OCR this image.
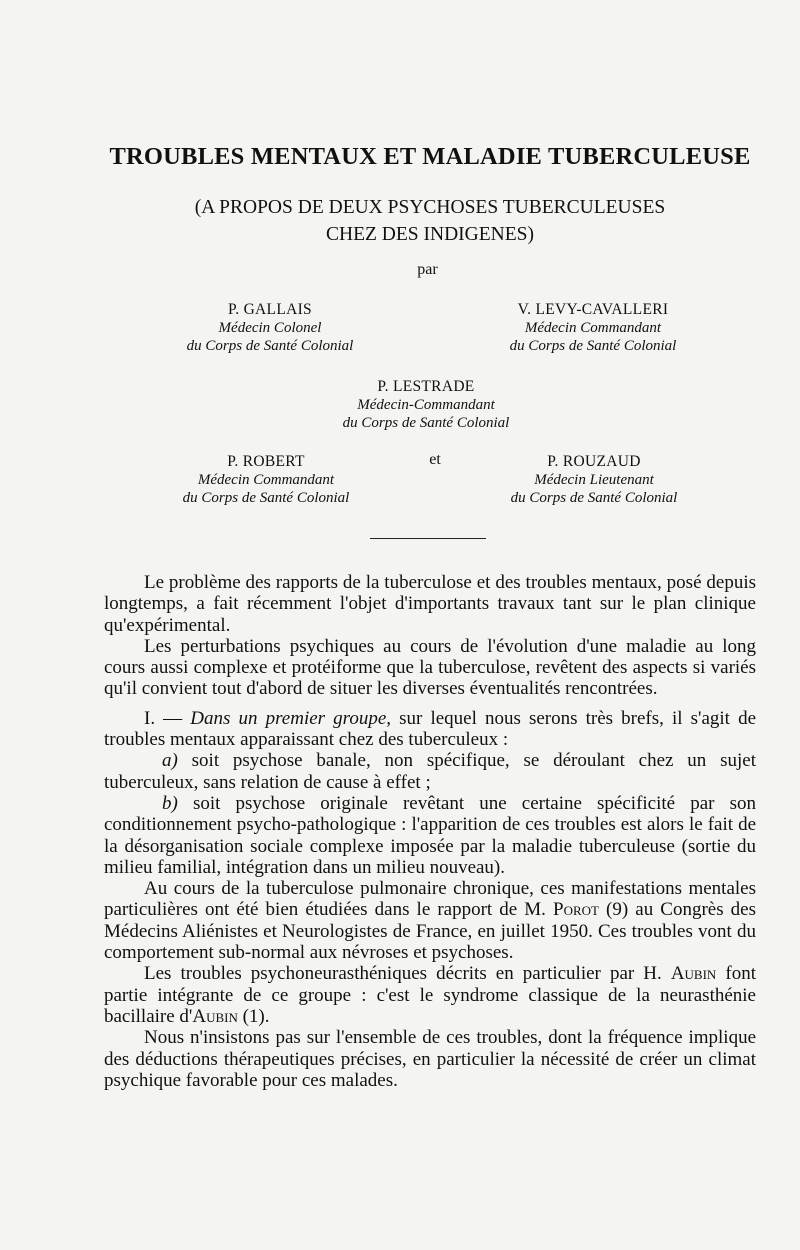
TROUBLES MENTAUX ET MALADIE TUBERCULEUSE
(A PROPOS DE DEUX PSYCHOSES TUBERCULEUSES
CHEZ DES INDIGENES)
par
P. GALLAIS
Médecin Colonel
du Corps de Santé Colonial
V. LEVY-CAVALLERI
Médecin Commandant
du Corps de Santé Colonial
P. LESTRADE
Médecin-Commandant
du Corps de Santé Colonial
P. ROBERT
Médecin Commandant
du Corps de Santé Colonial
et	P. ROUZAUD
Médecin Lieutenant
du Corps de Santé Colonial

Le problème des rapports de la tuberculose et des troubles mentaux, posé depuis longtemps, a fait récemment l'objet d'importants travaux tant sur le plan clinique qu'expérimental.

Les perturbations psychiques au cours de l'évolution d'une maladie au long cours aussi complexe et protéiforme que la tuberculose, revêtent des aspects si variés qu'il convient tout d'abord de situer les diverses éventualités rencontrées.

I. — Dans un premier groupe, sur lequel nous serons très brefs, il s'agit de troubles mentaux apparaissant chez des tuberculeux :

a) soit psychose banale, non spécifique, se déroulant chez un sujet tuberculeux, sans relation de cause à effet ;

b) soit psychose originale revêtant une certaine spécificité par son conditionnement psycho-pathologique : l'apparition de ces troubles est alors le fait de la désorganisation sociale complexe imposée par la maladie tuberculeuse (sortie du milieu familial, intégration dans un milieu nouveau).

Au cours de la tuberculose pulmonaire chronique, ces manifestations mentales particulières ont été bien étudiées dans le rapport de M. Porot (9) au Congrès des Médecins Aliénistes et Neurologistes de France, en juillet 1950. Ces troubles vont du comportement sub-normal aux névroses et psychoses.

Les troubles psychoneurasthéniques décrits en particulier par H. Aubin font partie intégrante de ce groupe : c'est le syndrome classique de la neurasthénie bacillaire d'Aubin (1).

Nous n'insistons pas sur l'ensemble de ces troubles, dont la fréquence implique des déductions thérapeutiques précises, en particulier la nécessité de créer un climat psychique favorable pour ces malades.
